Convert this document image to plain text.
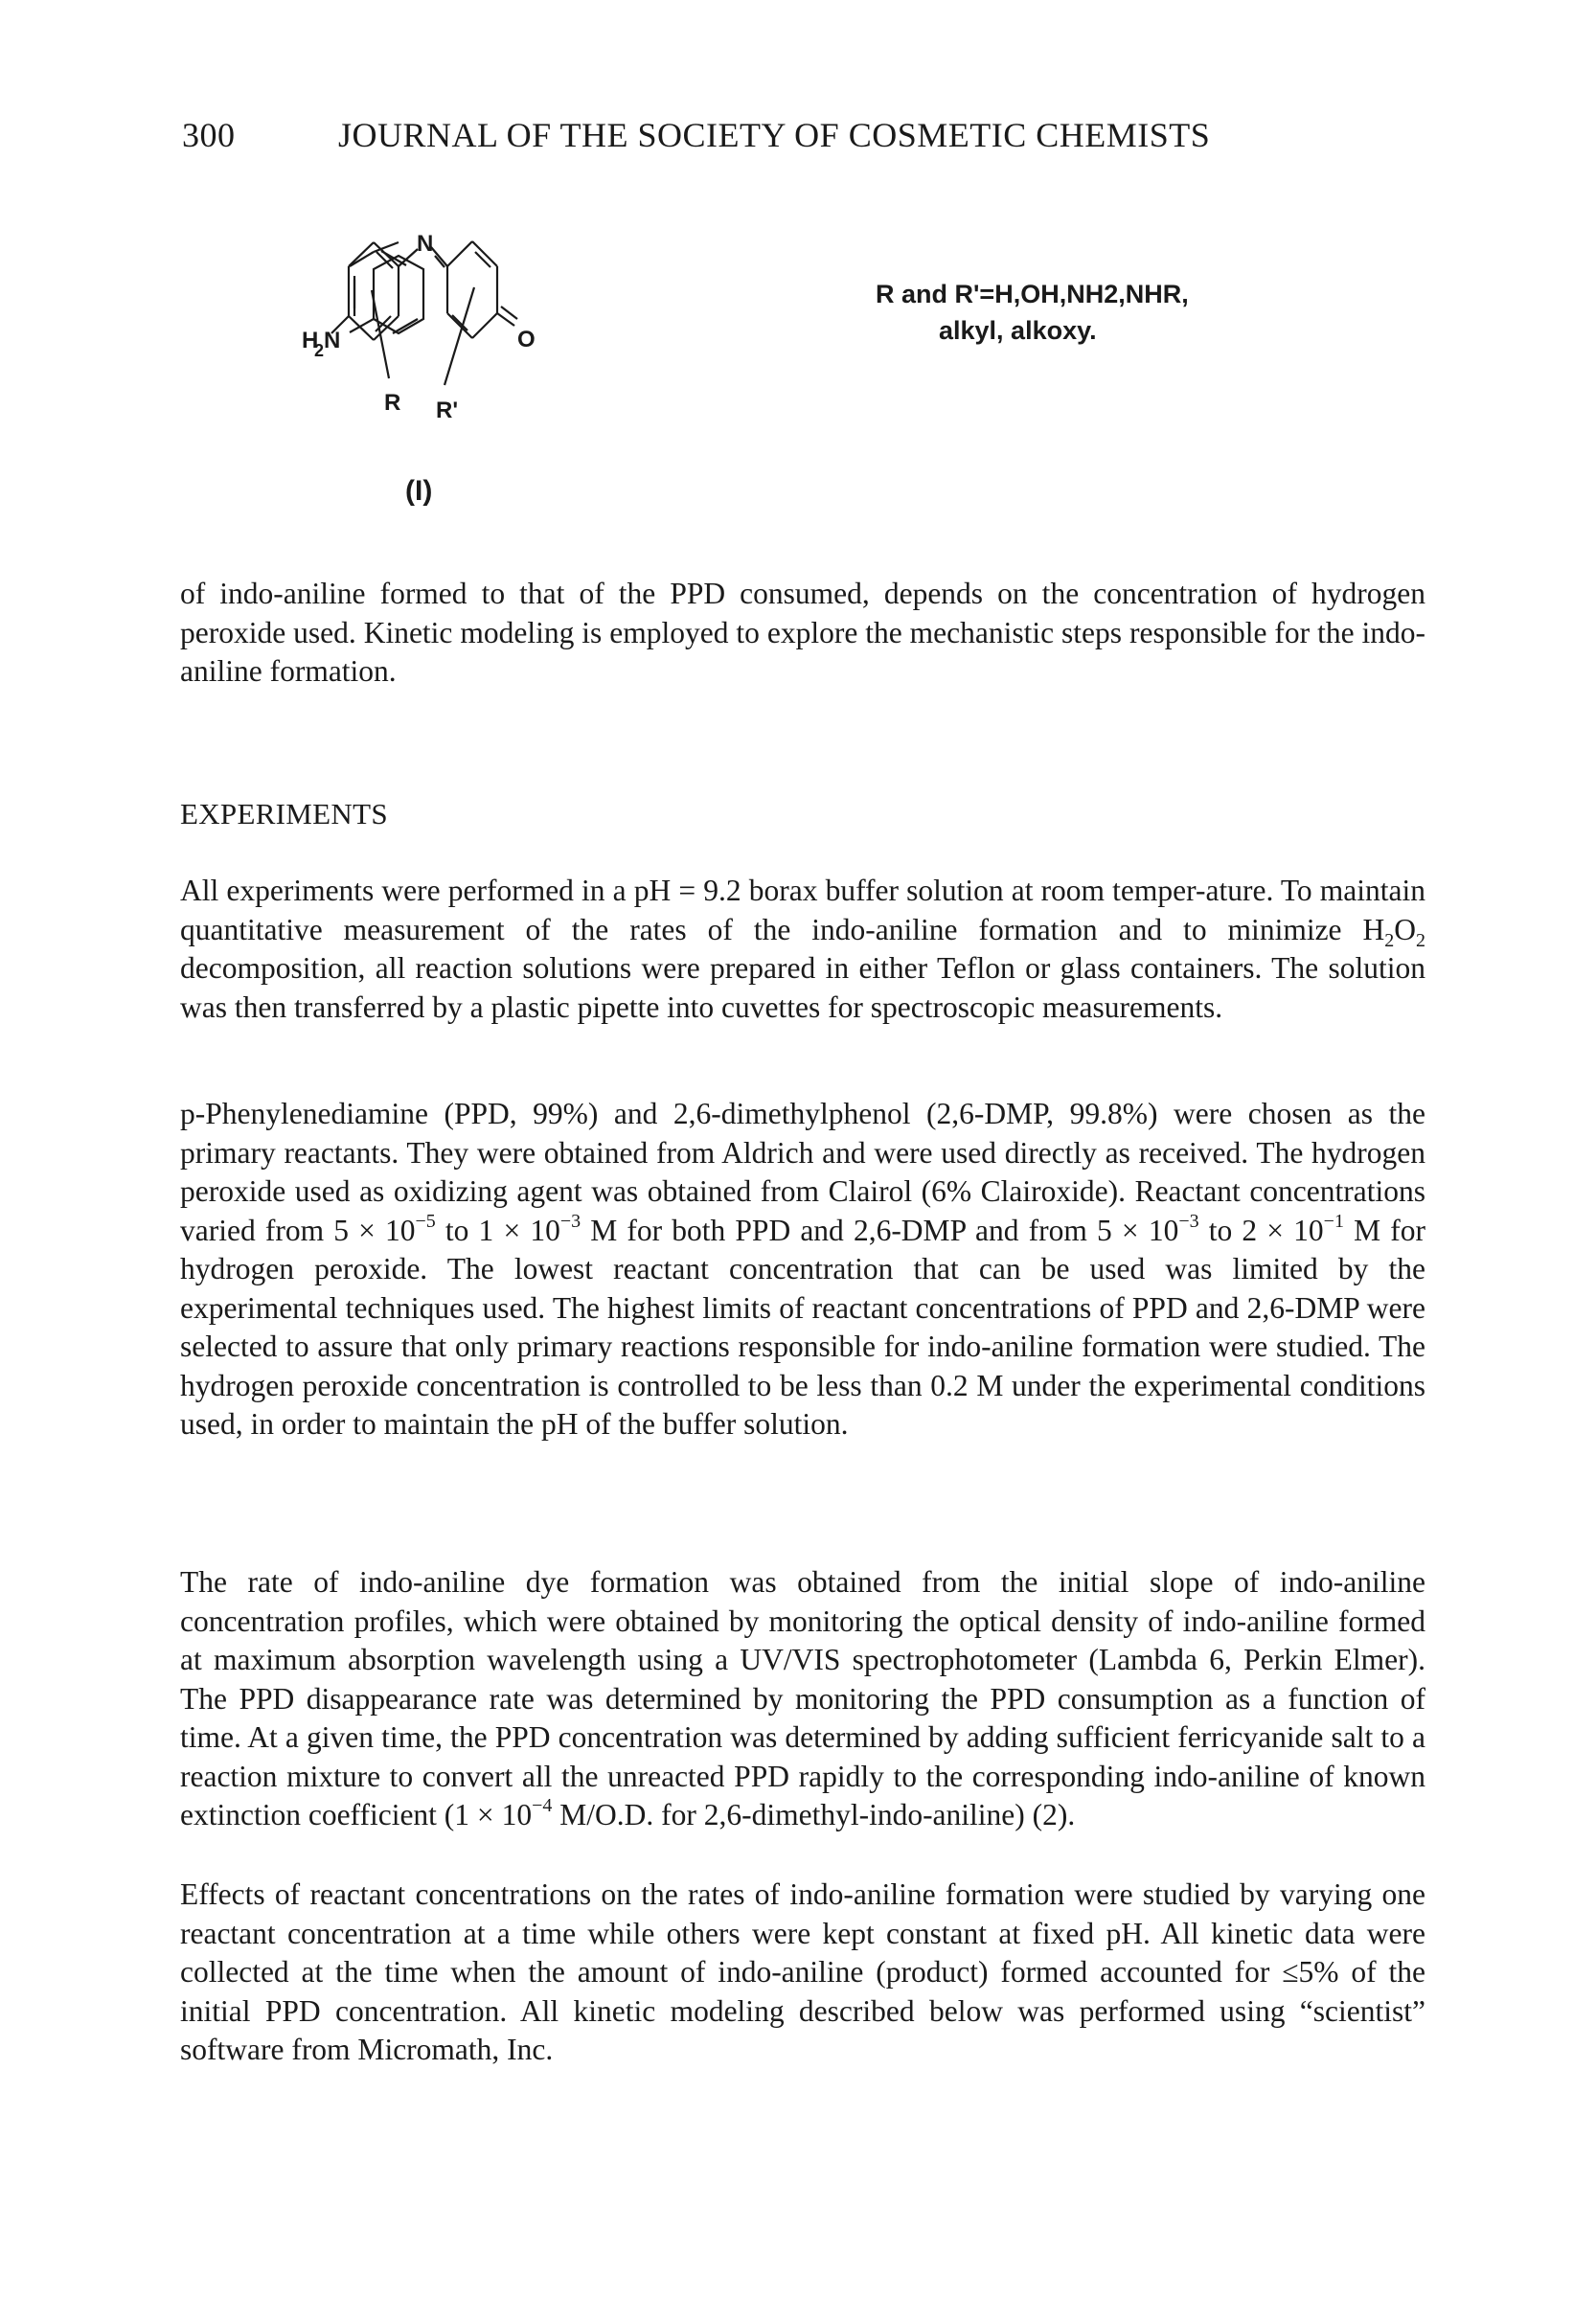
300	JOURNAL OF THE SOCIETY OF COSMETIC CHEMISTS
H
2 N
N
O
R R'
R and R'=H,OH,NH2,NHR,
alkyl, alkoxy.
(I)

of indo-aniline formed to that of the PPD consumed, depends on the concentration of hydrogen peroxide used. Kinetic modeling is employed to explore the mechanistic steps responsible for the indo-aniline formation.

EXPERIMENTS

All experiments were performed in a pH = 9.2 borax buffer solution at room temper-ature. To maintain quantitative measurement of the rates of the indo-aniline formation and to minimize $H_2O_2$ decomposition, all reaction solutions were prepared in either Teflon or glass containers. The solution was then transferred by a plastic pipette into cuvettes for spectroscopic measurements.

p-Phenylenediamine (PPD, 99%) and 2,6-dimethylphenol (2,6-DMP, 99.8%) were chosen as the primary reactants. They were obtained from Aldrich and were used directly as received. The hydrogen peroxide used as oxidizing agent was obtained from Clairol (6% Clairoxide). Reactant concentrations varied from $5 \times 10^{-5}$ to $1 \times 10^{-3}$ M for both PPD and 2,6-DMP and from $5 \times 10^{-3}$ to $2 \times 10^{-1}$ M for hydrogen peroxide. The lowest reactant concentration that can be used was limited by the experimental techniques used. The highest limits of reactant concentrations of PPD and 2,6-DMP were selected to assure that only primary reactions responsible for indo-aniline formation were studied. The hydrogen peroxide concentration is controlled to be less than 0.2 M under the experimental conditions used, in order to maintain the pH of the buffer solution.

The rate of indo-aniline dye formation was obtained from the initial slope of indo-aniline concentration profiles, which were obtained by monitoring the optical density of indo-aniline formed at maximum absorption wavelength using a UV/VIS spectrophotometer (Lambda 6, Perkin Elmer). The PPD disappearance rate was determined by monitoring the PPD consumption as a function of time. At a given time, the PPD concentration was determined by adding sufficient ferricyanide salt to a reaction mixture to convert all the unreacted PPD rapidly to the corresponding indo-aniline of known extinction coefficient ($1 \times 10^{-4}$ M/O.D. for 2,6-dimethyl-indo-aniline) (2).

Effects of reactant concentrations on the rates of indo-aniline formation were studied by varying one reactant concentration at a time while others were kept constant at fixed pH. All kinetic data were collected at the time when the amount of indo-aniline (product) formed accounted for ≤5% of the initial PPD concentration. All kinetic modeling described below was performed using “scientist” software from Micromath, Inc.
